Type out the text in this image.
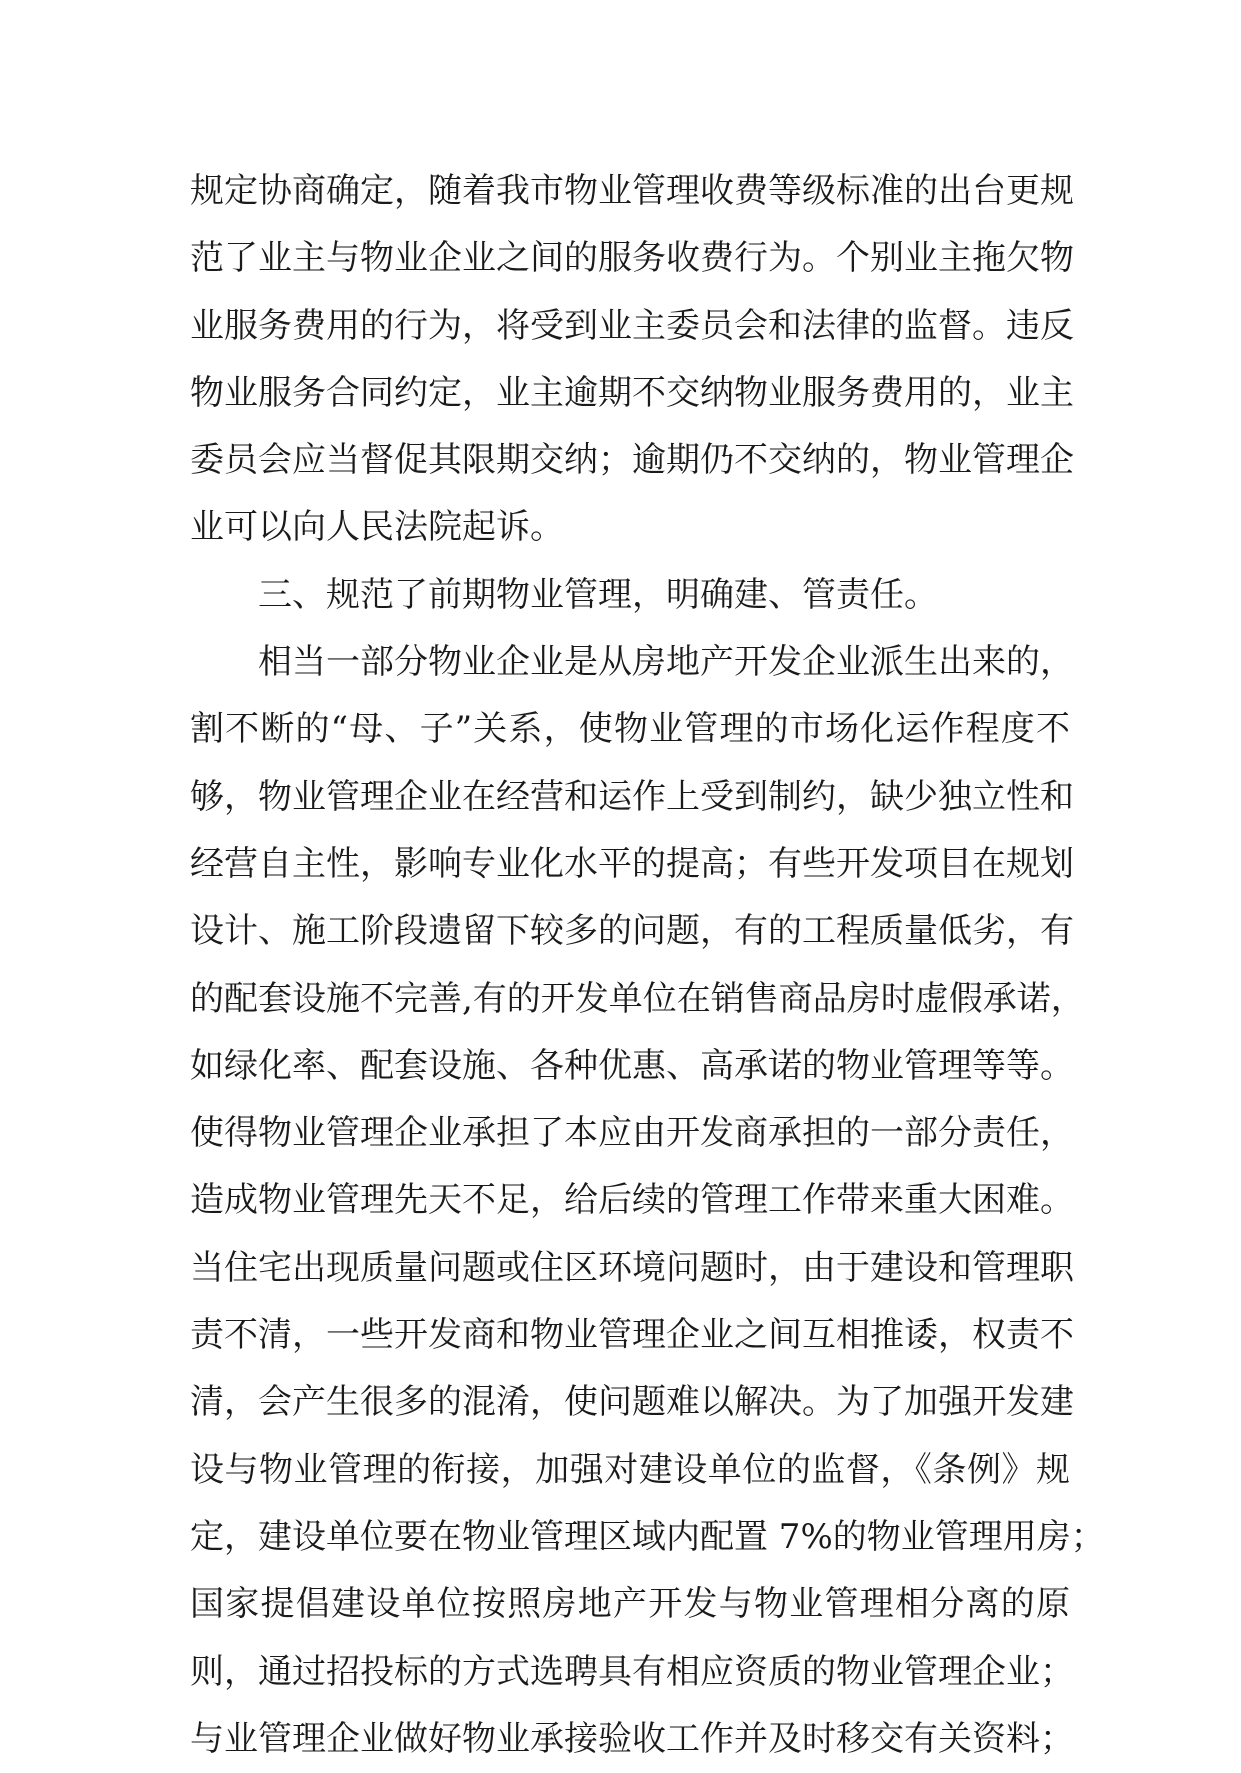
规定协商确定，随着我市物业管理收费等级标准的出台更规
范了业主与物业企业之间的服务收费行为。个别业主拖欠物
业服务费用的行为，将受到业主委员会和法律的监督。违反
物业服务合同约定，业主逾期不交纳物业服务费用的，业主
委员会应当督促其限期交纳；逾期仍不交纳的，物业管理企
业可以向人民法院起诉。
三、规范了前期物业管理，明确建、管责任。
相当一部分物业企业是从房地产开发企业派生出来的，
割不断的“母、子”关系，使物业管理的市场化运作程度不
够，物业管理企业在经营和运作上受到制约，缺少独立性和
经营自主性，影响专业化水平的提高；有些开发项目在规划
设计、施工阶段遗留下较多的问题，有的工程质量低劣，有
的配套设施不完善,有的开发单位在销售商品房时虚假承诺，
如绿化率、配套设施、各种优惠、高承诺的物业管理等等。
使得物业管理企业承担了本应由开发商承担的一部分责任，
造成物业管理先天不足，给后续的管理工作带来重大困难。
当住宅出现质量问题或住区环境问题时，由于建设和管理职
责不清，一些开发商和物业管理企业之间互相推诿，权责不
清，会产生很多的混淆，使问题难以解决。为了加强开发建
设与物业管理的衔接，加强对建设单位的监督，《条例》规
定，建设单位要在物业管理区域内配置 7%的物业管理用房；
国家提倡建设单位按照房地产开发与物业管理相分离的原
则，通过招投标的方式选聘具有相应资质的物业管理企业；
与业管理企业做好物业承接验收工作并及时移交有关资料；
